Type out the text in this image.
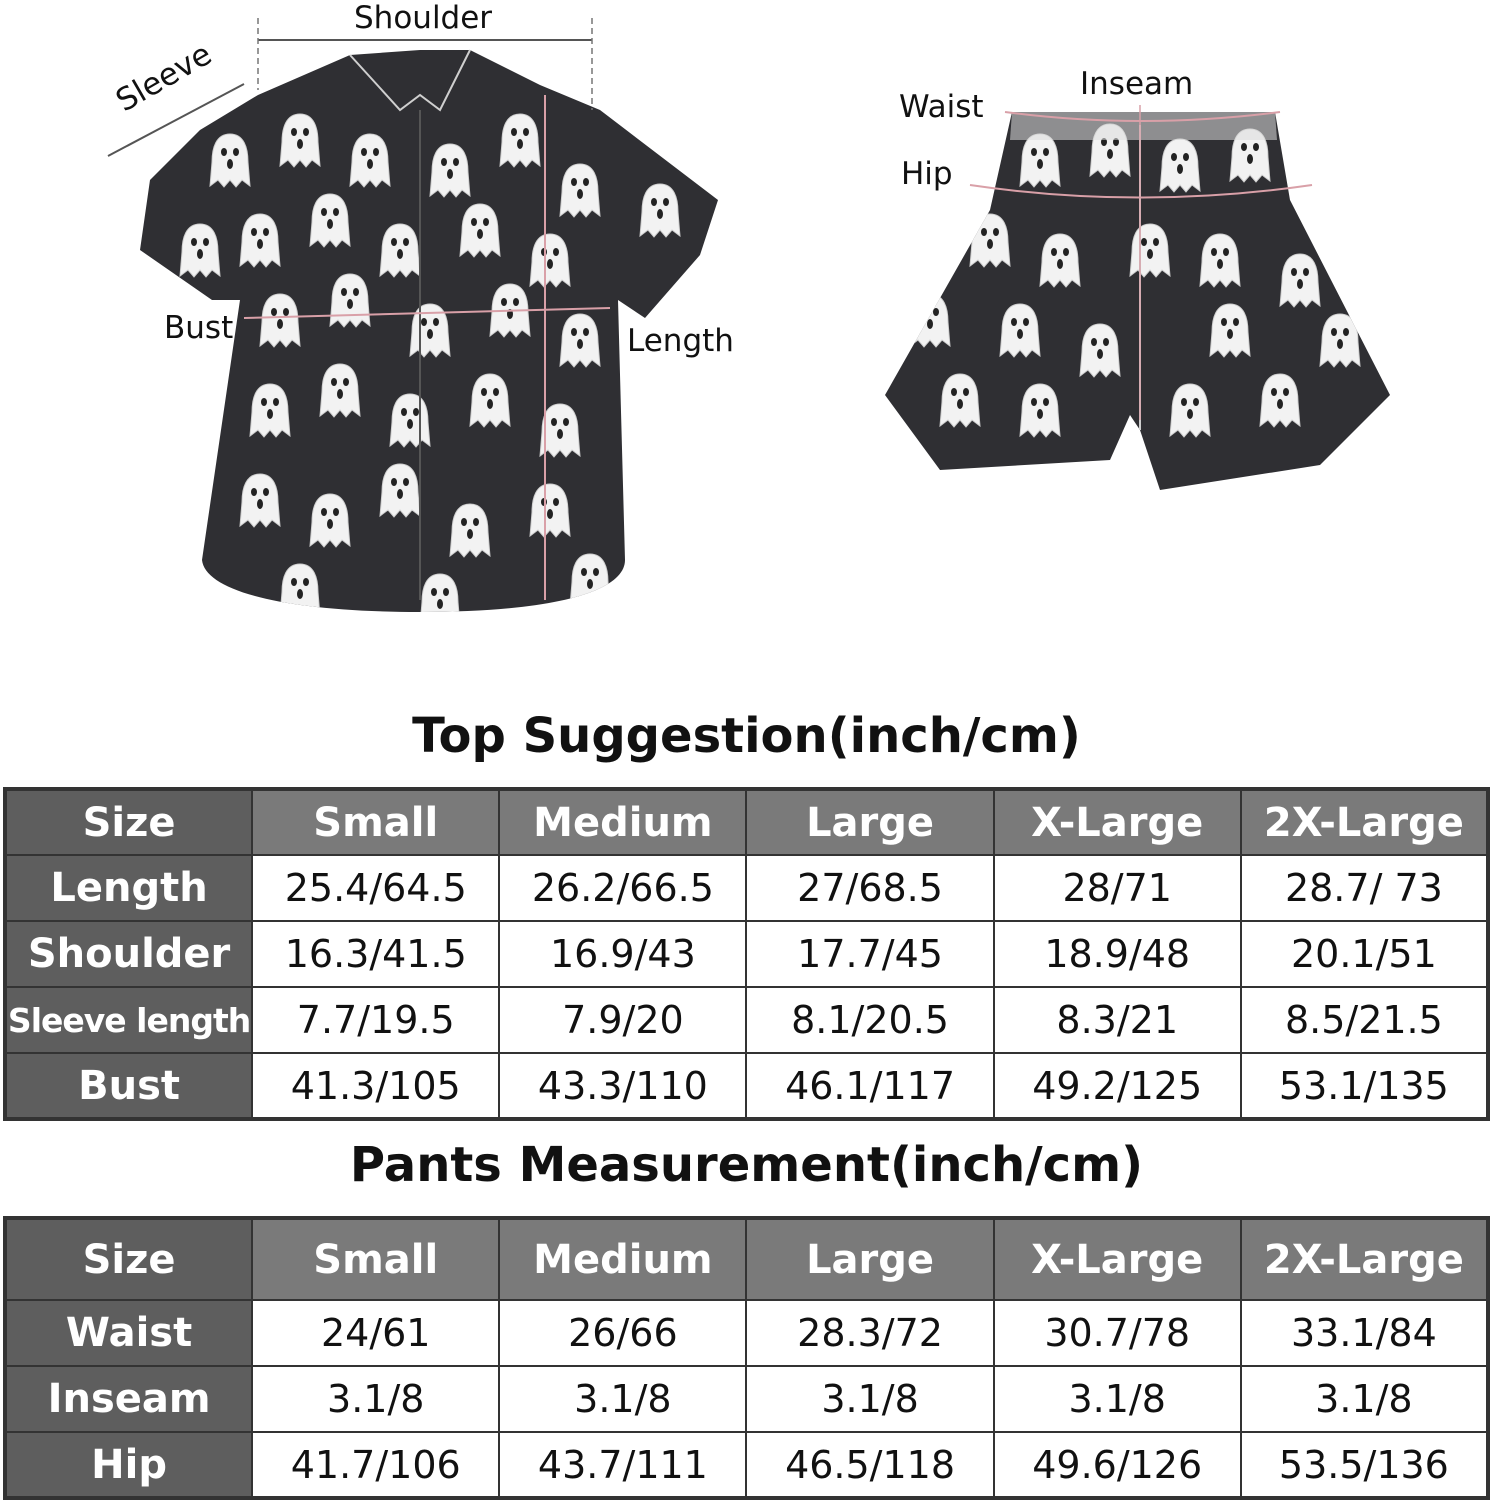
Shoulder
Sleeve
Bust	Length
Waist
Inseam
Hip
Top Suggestion(inch/cm)
Size	Small	Medium	Large	X-Large	2X-Large
Length	25.4/64.5	26.2/66.5	27/68.5	28/71	28.7/ 73
Shoulder	16.3/41.5	16.9/43	17.7/45	18.9/48	20.1/51
Sleeve length	7.7/19.5	7.9/20	8.1/20.5	8.3/21	8.5/21.5
Bust	41.3/105	43.3/110	46.1/117	49.2/125	53.1/135
Pants Measurement(inch/cm)
Size	Small	Medium	Large	X-Large	2X-Large
Waist	24/61	26/66	28.3/72	30.7/78	33.1/84
Inseam	3.1/8	3.1/8	3.1/8	3.1/8	3.1/8
Hip	41.7/106	43.7/111	46.5/118	49.6/126	53.5/136
